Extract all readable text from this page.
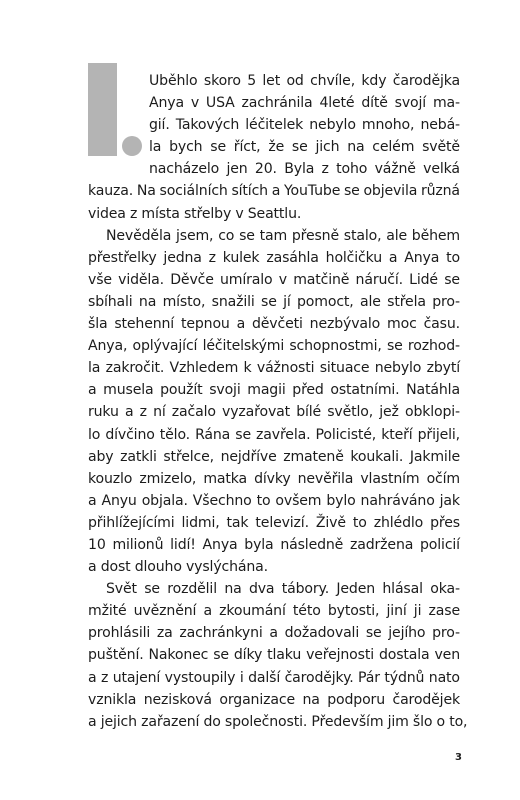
Uběhlo skoro 5 let od chvíle, kdy čarodějka
Anya v USA zachránila 4leté dítě svojí ma-
gií. Takových léčitelek nebylo mnoho, nebá-
la bych se říct, že se jich na celém světě
nacházelo jen 20. Byla z toho vážně velká
kauza. Na sociálních sítích a YouTube se objevila různá
videa z místa střelby v Seattlu.
Nevěděla jsem, co se tam přesně stalo, ale během
přestřelky jedna z kulek zasáhla holčičku a Anya to
vše viděla. Děvče umíralo v matčině náručí. Lidé se
sbíhali na místo, snažili se jí pomoct, ale střela pro-
šla stehenní tepnou a děvčeti nezbývalo moc času.
Anya, oplývající léčitelskými schopnostmi, se rozhod-
la zakročit. Vzhledem k vážnosti situace nebylo zbytí
a musela použít svoji magii před ostatními. Natáhla
ruku a z ní začalo vyzařovat bílé světlo, jež obklopi-
lo dívčino tělo. Rána se zavřela. Policisté, kteří přijeli,
aby zatkli střelce, nejdříve zmateně koukali. Jakmile
kouzlo zmizelo, matka dívky nevěřila vlastním očím
a Anyu objala. Všechno to ovšem bylo nahráváno jak
přihlížejícími lidmi, tak televizí. Živě to zhlédlo přes
10 milionů lidí! Anya byla následně zadržena policií
a dost dlouho vyslýchána.
Svět se rozdělil na dva tábory. Jeden hlásal oka-
mžité uvěznění a zkoumání této bytosti, jiní ji zase
prohlásili za zachránkyni a dožadovali se jejího pro-
puštění. Nakonec se díky tlaku veřejnosti dostala ven
a z utajení vystoupily i další čarodějky. Pár týdnů nato
vznikla nezisková organizace na podporu čarodějek
a jejich zařazení do společnosti. Především jim šlo o to,
3
